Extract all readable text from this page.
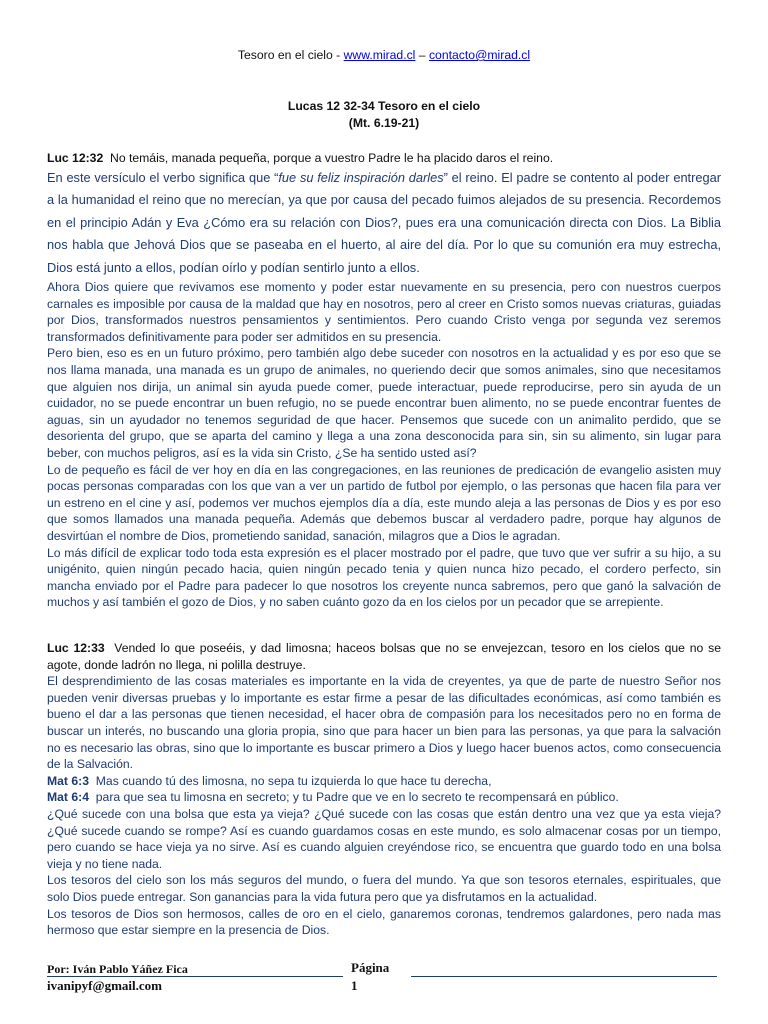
Tesoro en el cielo - www.mirad.cl – contacto@mirad.cl
Lucas 12 32-34 Tesoro en el cielo
(Mt. 6.19-21)
Luc 12:32 No temáis, manada pequeña, porque a vuestro Padre le ha placido daros el reino.
En este versículo el verbo significa que “fue su feliz inspiración darles” el reino. El padre se contento al poder entregar a la humanidad el reino que no merecían, ya que por causa del pecado fuimos alejados de su presencia. Recordemos en el principio Adán y Eva ¿Cómo era su relación con Dios?, pues era una comunicación directa con Dios. La Biblia nos habla que Jehová Dios que se paseaba en el huerto, al aire del día. Por lo que su comunión era muy estrecha, Dios está junto a ellos, podían oírlo y podían sentirlo junto a ellos.
Ahora Dios quiere que revivamos ese momento y poder estar nuevamente en su presencia, pero con nuestros cuerpos carnales es imposible por causa de la maldad que hay en nosotros, pero al creer en Cristo somos nuevas criaturas, guiadas por Dios, transformados nuestros pensamientos y sentimientos. Pero cuando Cristo venga por segunda vez seremos transformados definitivamente para poder ser admitidos en su presencia.
Pero bien, eso es en un futuro próximo, pero también algo debe suceder con nosotros en la actualidad y es por eso que se nos llama manada, una manada es un grupo de animales, no queriendo decir que somos animales, sino que necesitamos que alguien nos dirija, un animal sin ayuda puede comer, puede interactuar, puede reproducirse, pero sin ayuda de un cuidador, no se puede encontrar un buen refugio, no se puede encontrar buen alimento, no se puede encontrar fuentes de aguas, sin un ayudador no tenemos seguridad de que hacer. Pensemos que sucede con un animalito perdido, que se desorienta del grupo, que se aparta del camino y llega a una zona desconocida para sin, sin su alimento, sin lugar para beber, con muchos peligros, así es la vida sin Cristo, ¿Se ha sentido usted así?
Lo de pequeño es fácil de ver hoy en día en las congregaciones, en las reuniones de predicación de evangelio asisten muy pocas personas comparadas con los que van a ver un partido de futbol por ejemplo, o las personas que hacen fila para ver un estreno en el cine y así, podemos ver muchos ejemplos día a día, este mundo aleja a las personas de Dios y es por eso que somos llamados una manada pequeña. Además que debemos buscar al verdadero padre, porque hay algunos de desvirtúan el nombre de Dios, prometiendo sanidad, sanación, milagros que a Dios le agradan.
Lo más difícil de explicar todo toda esta expresión es el placer mostrado por el padre, que tuvo que ver sufrir a su hijo, a su unigénito, quien ningún pecado hacia, quien ningún pecado tenia y quien nunca hizo pecado, el cordero perfecto, sin mancha enviado por el Padre para padecer lo que nosotros los creyente nunca sabremos, pero que ganó la salvación de muchos y así también el gozo de Dios, y no saben cuánto gozo da en los cielos por un pecador que se arrepiente.
Luc 12:33 Vended lo que poseéis, y dad limosna; haceos bolsas que no se envejezcan, tesoro en los cielos que no se agote, donde ladrón no llega, ni polilla destruye.
El desprendimiento de las cosas materiales es importante en la vida de creyentes, ya que de parte de nuestro Señor nos pueden venir diversas pruebas y lo importante es estar firme a pesar de las dificultades económicas, así como también es bueno el dar a las personas que tienen necesidad, el hacer obra de compasión para los necesitados pero no en forma de buscar un interés, no buscando una gloria propia, sino que para hacer un bien para las personas, ya que para la salvación no es necesario las obras, sino que lo importante es buscar primero a Dios y luego hacer buenos actos, como consecuencia de la Salvación.
Mat 6:3 Mas cuando tú des limosna, no sepa tu izquierda lo que hace tu derecha,
Mat 6:4 para que sea tu limosna en secreto; y tu Padre que ve en lo secreto te recompensará en público.
¿Qué sucede con una bolsa que esta ya vieja? ¿Qué sucede con las cosas que están dentro una vez que ya esta vieja? ¿Qué sucede cuando se rompe? Así es cuando guardamos cosas en este mundo, es solo almacenar cosas por un tiempo, pero cuando se hace vieja ya no sirve. Así es cuando alguien creyéndose rico, se encuentra que guardo todo en una bolsa vieja y no tiene nada.
Los tesoros del cielo son los más seguros del mundo, o fuera del mundo. Ya que son tesoros eternales, espirituales, que solo Dios puede entregar. Son ganancias para la vida futura pero que ya disfrutamos en la actualidad.
Los tesoros de Dios son hermosos, calles de oro en el cielo, ganaremos coronas, tendremos galardones, pero nada mas hermoso que estar siempre en la presencia de Dios.
Por: Iván Pablo Yáñez Fica
ivanipyf@gmail.com
Página
1
